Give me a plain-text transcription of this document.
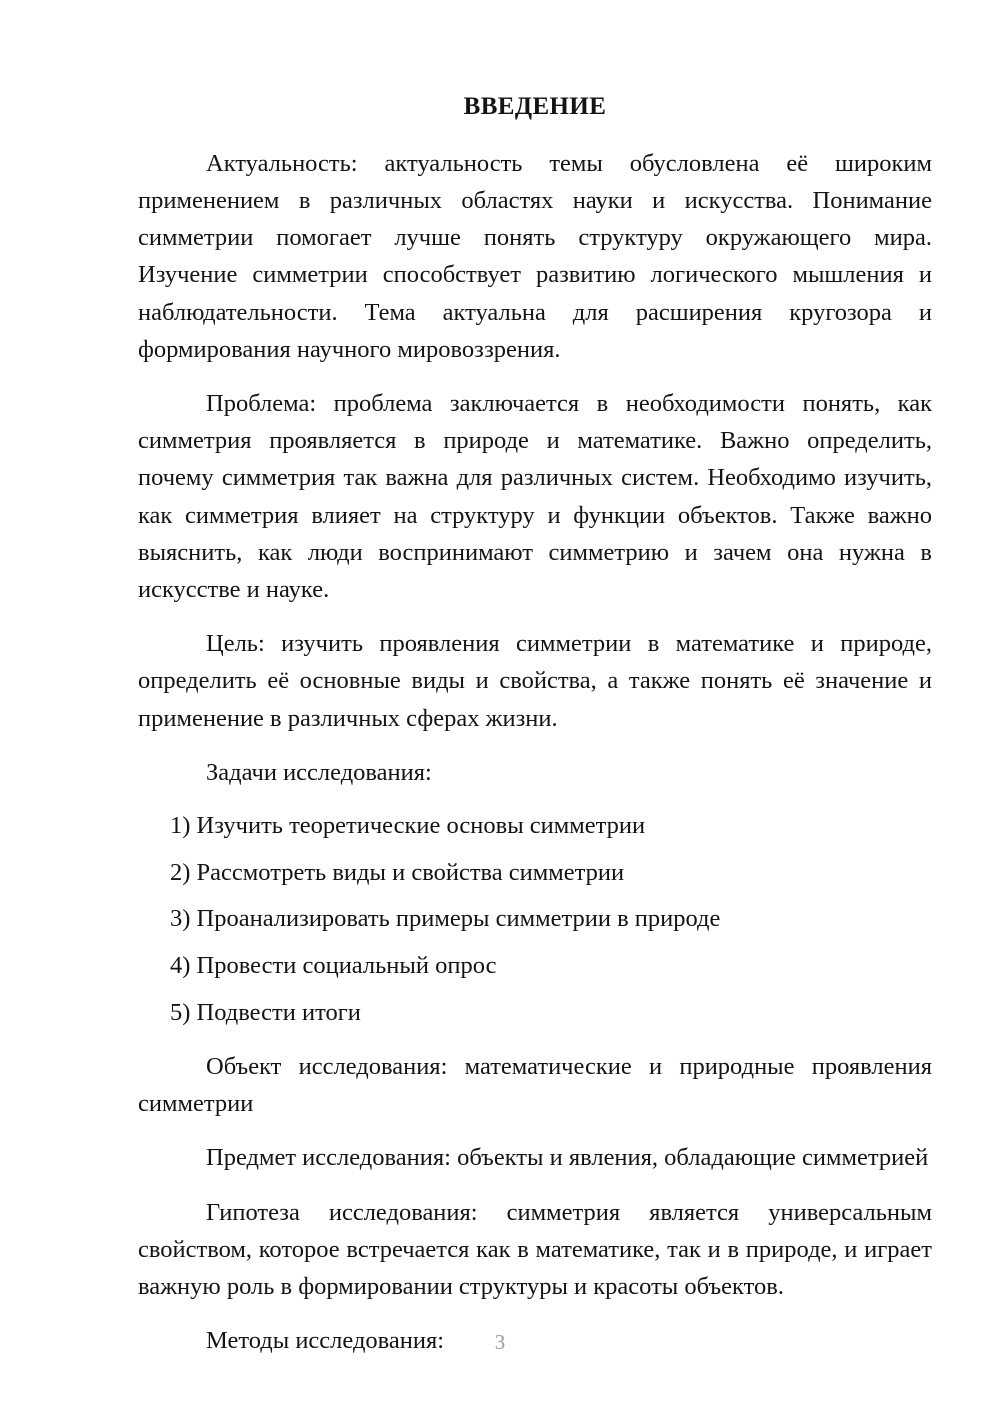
ВВЕДЕНИЕ

Актуальность: актуальность темы обусловлена её широким применением в различных областях науки и искусства. Понимание симметрии помогает лучше понять структуру окружающего мира. Изучение симметрии способствует развитию логического мышления и наблюдательности. Тема актуальна для расширения кругозора и формирования научного мировоззрения.

Проблема: проблема заключается в необходимости понять, как симметрия проявляется в природе и математике. Важно определить, почему симметрия так важна для различных систем. Необходимо изучить, как симметрия влияет на структуру и функции объектов. Также важно выяснить, как люди воспринимают симметрию и зачем она нужна в искусстве и науке.

Цель: изучить проявления симметрии в математике и природе, определить её основные виды и свойства, а также понять её значение и применение в различных сферах жизни.

Задачи исследования:

1) Изучить теоретические основы симметрии
2) Рассмотреть виды и свойства симметрии
3) Проанализировать примеры симметрии в природе
4) Провести социальный опрос
5) Подвести итоги

Объект исследования: математические и природные проявления симметрии

Предмет исследования: объекты и явления, обладающие симметрией

Гипотеза исследования: симметрия является универсальным свойством, которое встречается как в математике, так и в природе, и играет важную роль в формировании структуры и красоты объектов.

Методы исследования:	3
